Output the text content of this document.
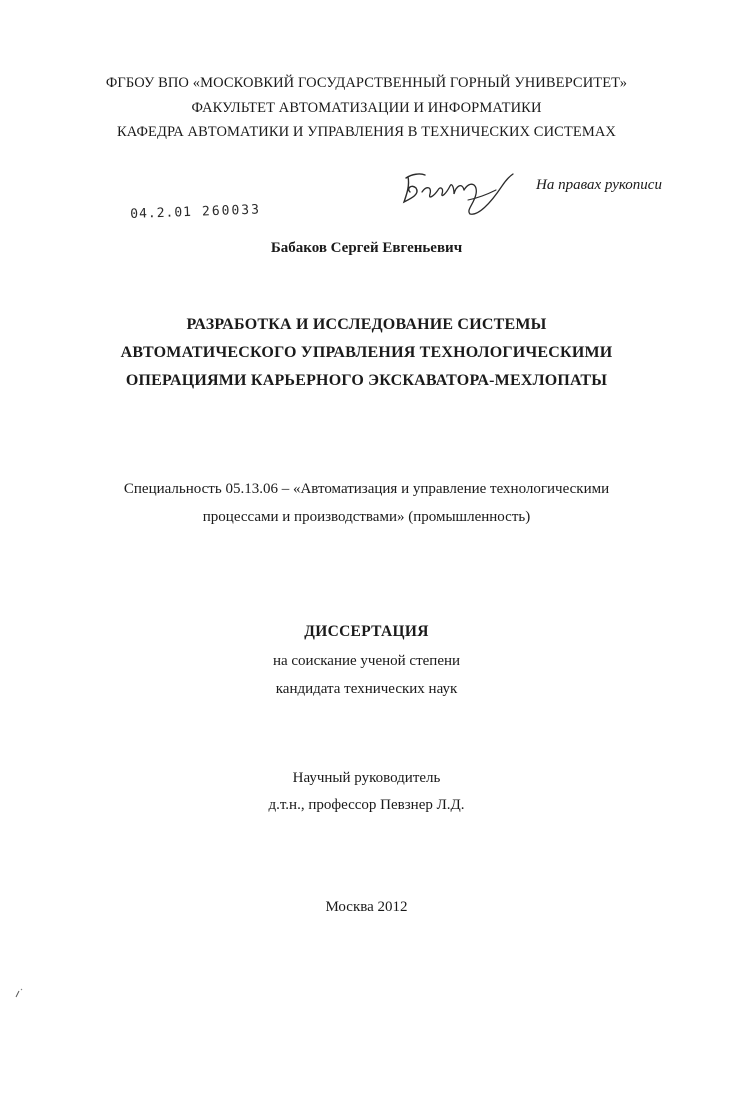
ФГБОУ ВПО «МОСКОВКИЙ ГОСУДАРСТВЕННЫЙ ГОРНЫЙ УНИВЕРСИТЕТ»
ФАКУЛЬТЕТ АВТОМАТИЗАЦИИ И ИНФОРМАТИКИ
КАФЕДРА АВТОМАТИКИ И УПРАВЛЕНИЯ В ТЕХНИЧЕСКИХ СИСТЕМАХ
На правах рукописи
04.2.01 260033
Бабаков Сергей Евгеньевич
РАЗРАБОТКА И ИССЛЕДОВАНИЕ СИСТЕМЫ
АВТОМАТИЧЕСКОГО УПРАВЛЕНИЯ ТЕХНОЛОГИЧЕСКИМИ
ОПЕРАЦИЯМИ КАРЬЕРНОГО ЭКСКАВАТОРА-МЕХЛОПАТЫ
Специальность 05.13.06 – «Автоматизация и управление технологическими
процессами и производствами» (промышленность)
ДИССЕРТАЦИЯ
на соискание ученой степени
кандидата технических наук
Научный руководитель
д.т.н., профессор Певзнер Л.Д.
Москва 2012
